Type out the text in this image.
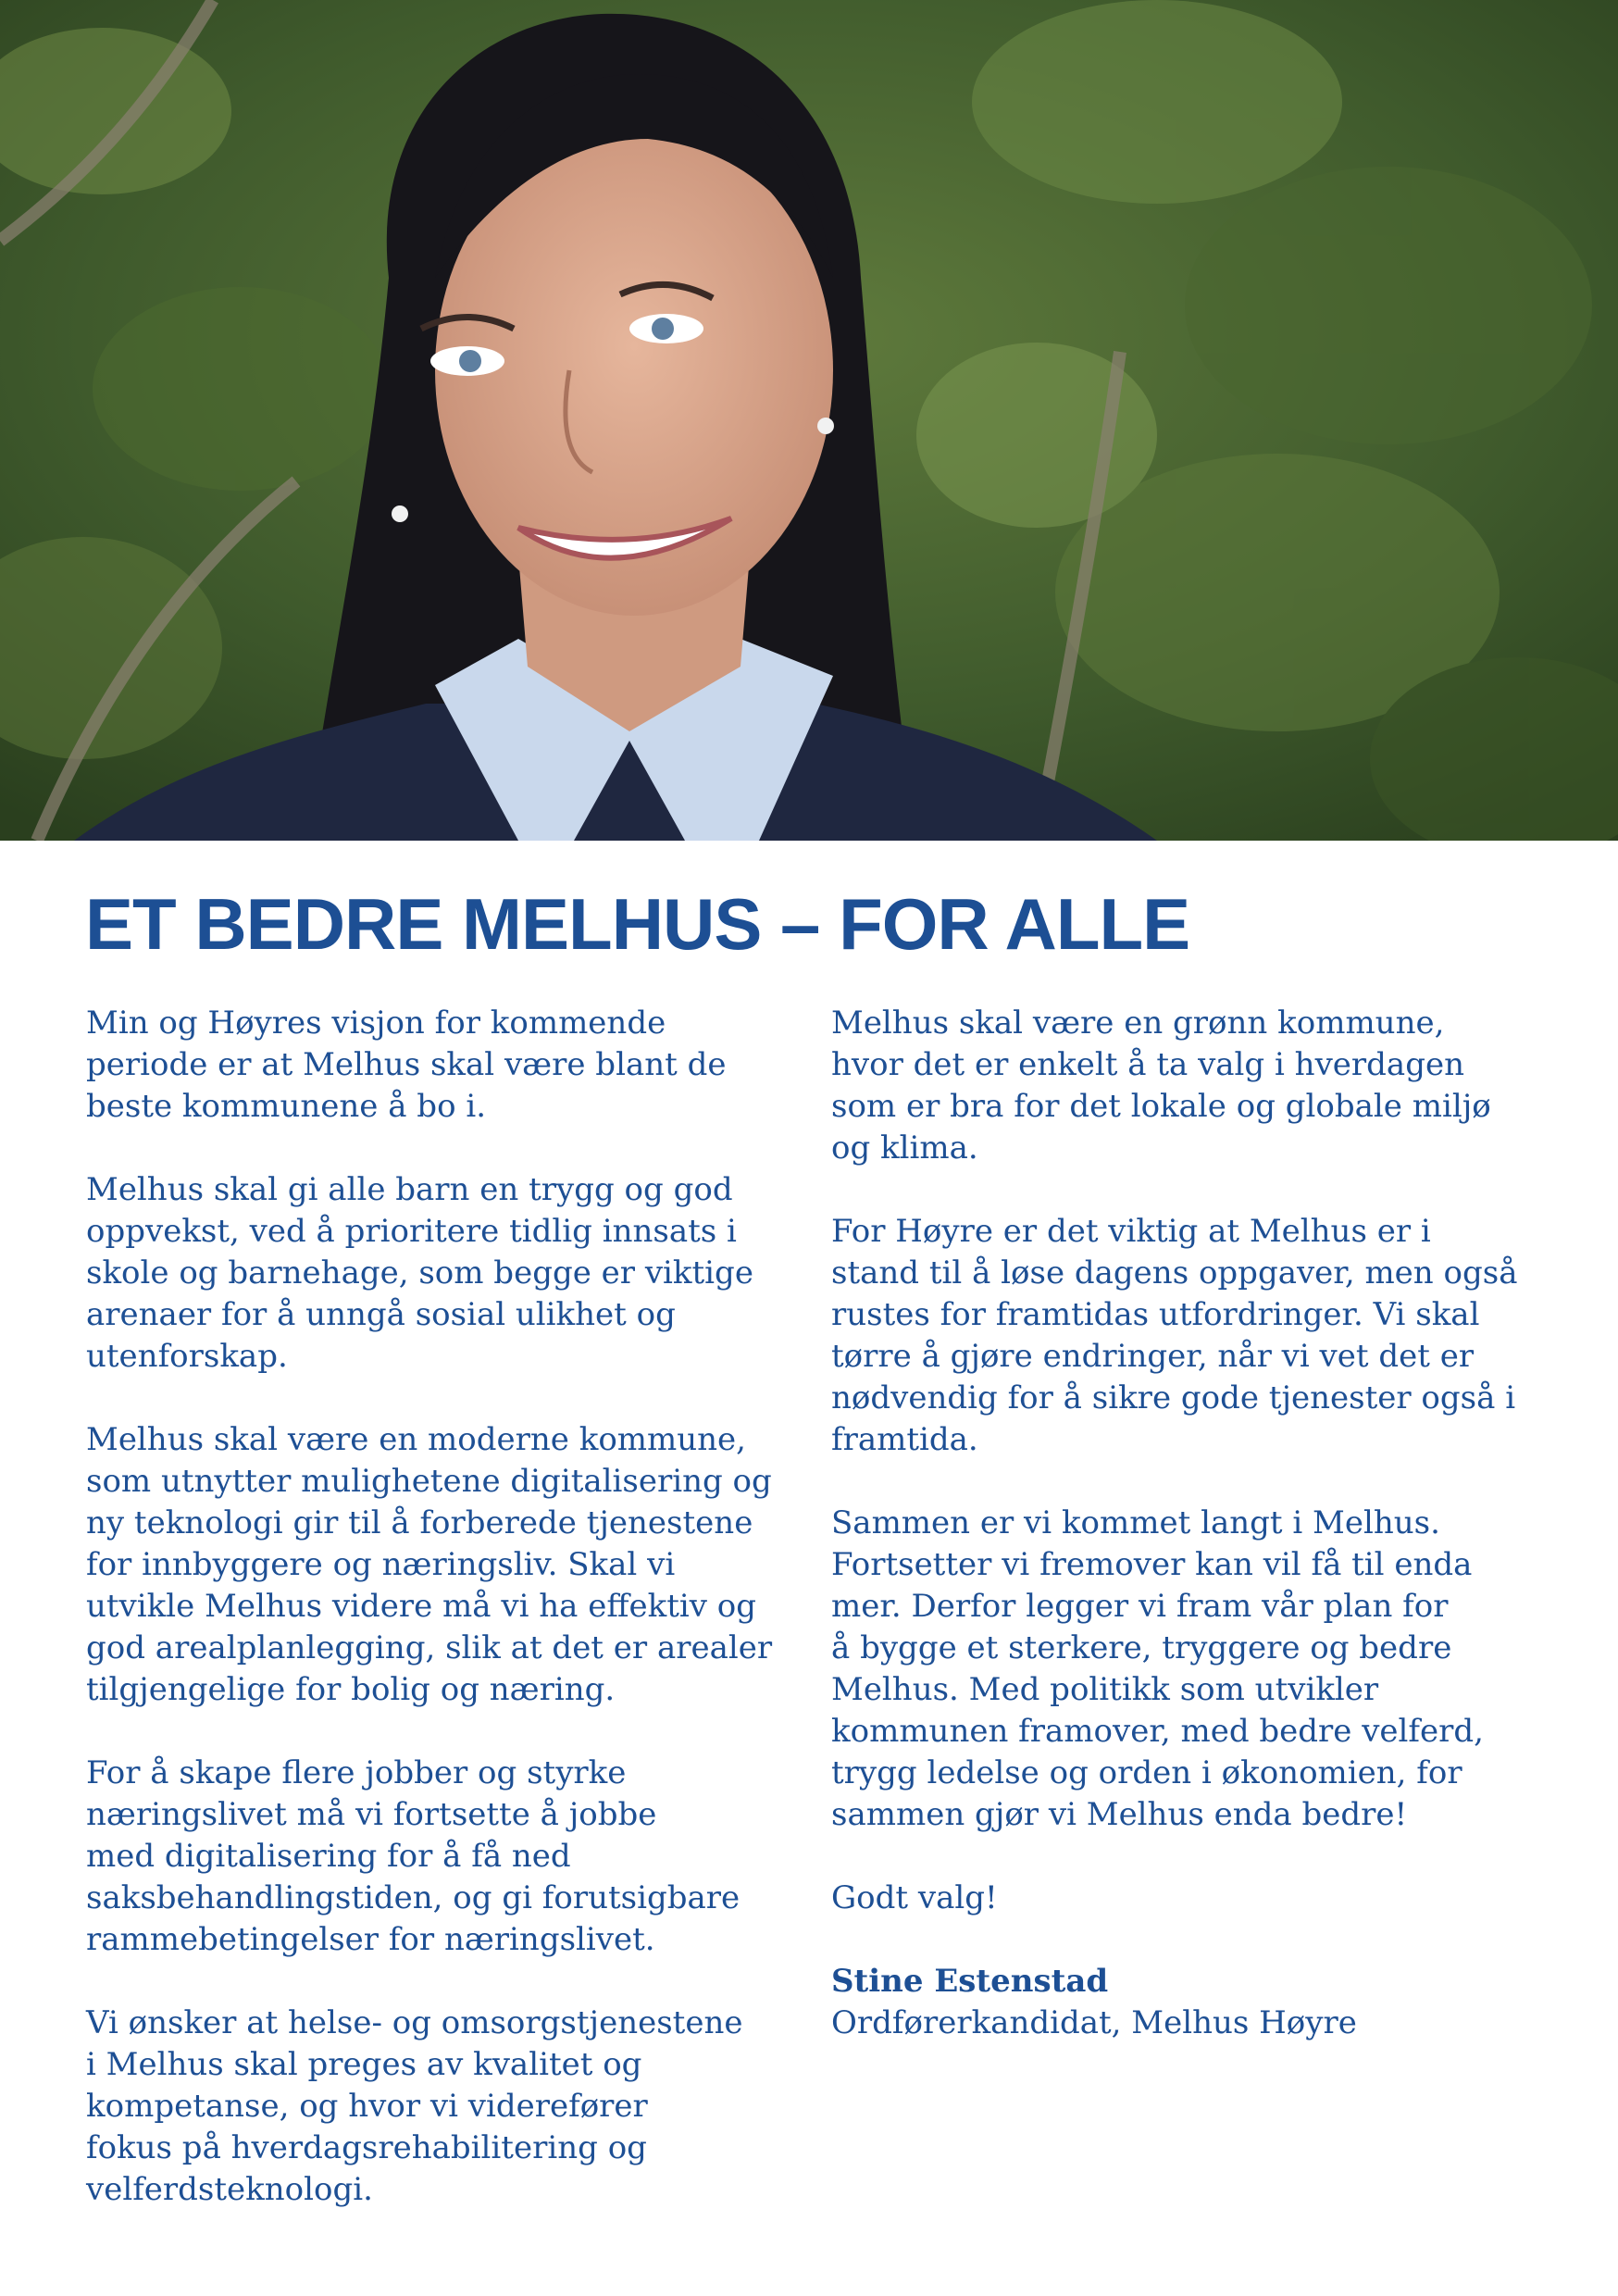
ET BEDRE MELHUS – FOR ALLE

Min og Høyres visjon for kommende
periode er at Melhus skal være blant de
beste kommunene å bo i.

Melhus skal gi alle barn en trygg og god
oppvekst, ved å prioritere tidlig innsats i
skole og barnehage, som begge er viktige
arenaer for å unngå sosial ulikhet og
utenforskap.

Melhus skal være en moderne kommune,
som utnytter mulighetene digitalisering og
ny teknologi gir til å forberede tjenestene
for innbyggere og næringsliv. Skal vi
utvikle Melhus videre må vi ha effektiv og
god arealplanlegging, slik at det er arealer
tilgjengelige for bolig og næring.

For å skape flere jobber og styrke
næringslivet må vi fortsette å jobbe
med digitalisering for å få ned
saksbehandlingstiden, og gi forutsigbare
rammebetingelser for næringslivet.

Vi ønsker at helse- og omsorgstjenestene
i Melhus skal preges av kvalitet og
kompetanse, og hvor vi viderefører
fokus på hverdagsrehabilitering og
velferdsteknologi.

Melhus skal være en grønn kommune,
hvor det er enkelt å ta valg i hverdagen
som er bra for det lokale og globale miljø
og klima.

For Høyre er det viktig at Melhus er i
stand til å løse dagens oppgaver, men også
rustes for framtidas utfordringer. Vi skal
tørre å gjøre endringer, når vi vet det er
nødvendig for å sikre gode tjenester også i
framtida.

Sammen er vi kommet langt i Melhus.
Fortsetter vi fremover kan vil få til enda
mer. Derfor legger vi fram vår plan for
å bygge et sterkere, tryggere og bedre
Melhus. Med politikk som utvikler
kommunen framover, med bedre velferd,
trygg ledelse og orden i økonomien, for
sammen gjør vi Melhus enda bedre!

Godt valg!

Stine Estenstad
Ordførerkandidat, Melhus Høyre
